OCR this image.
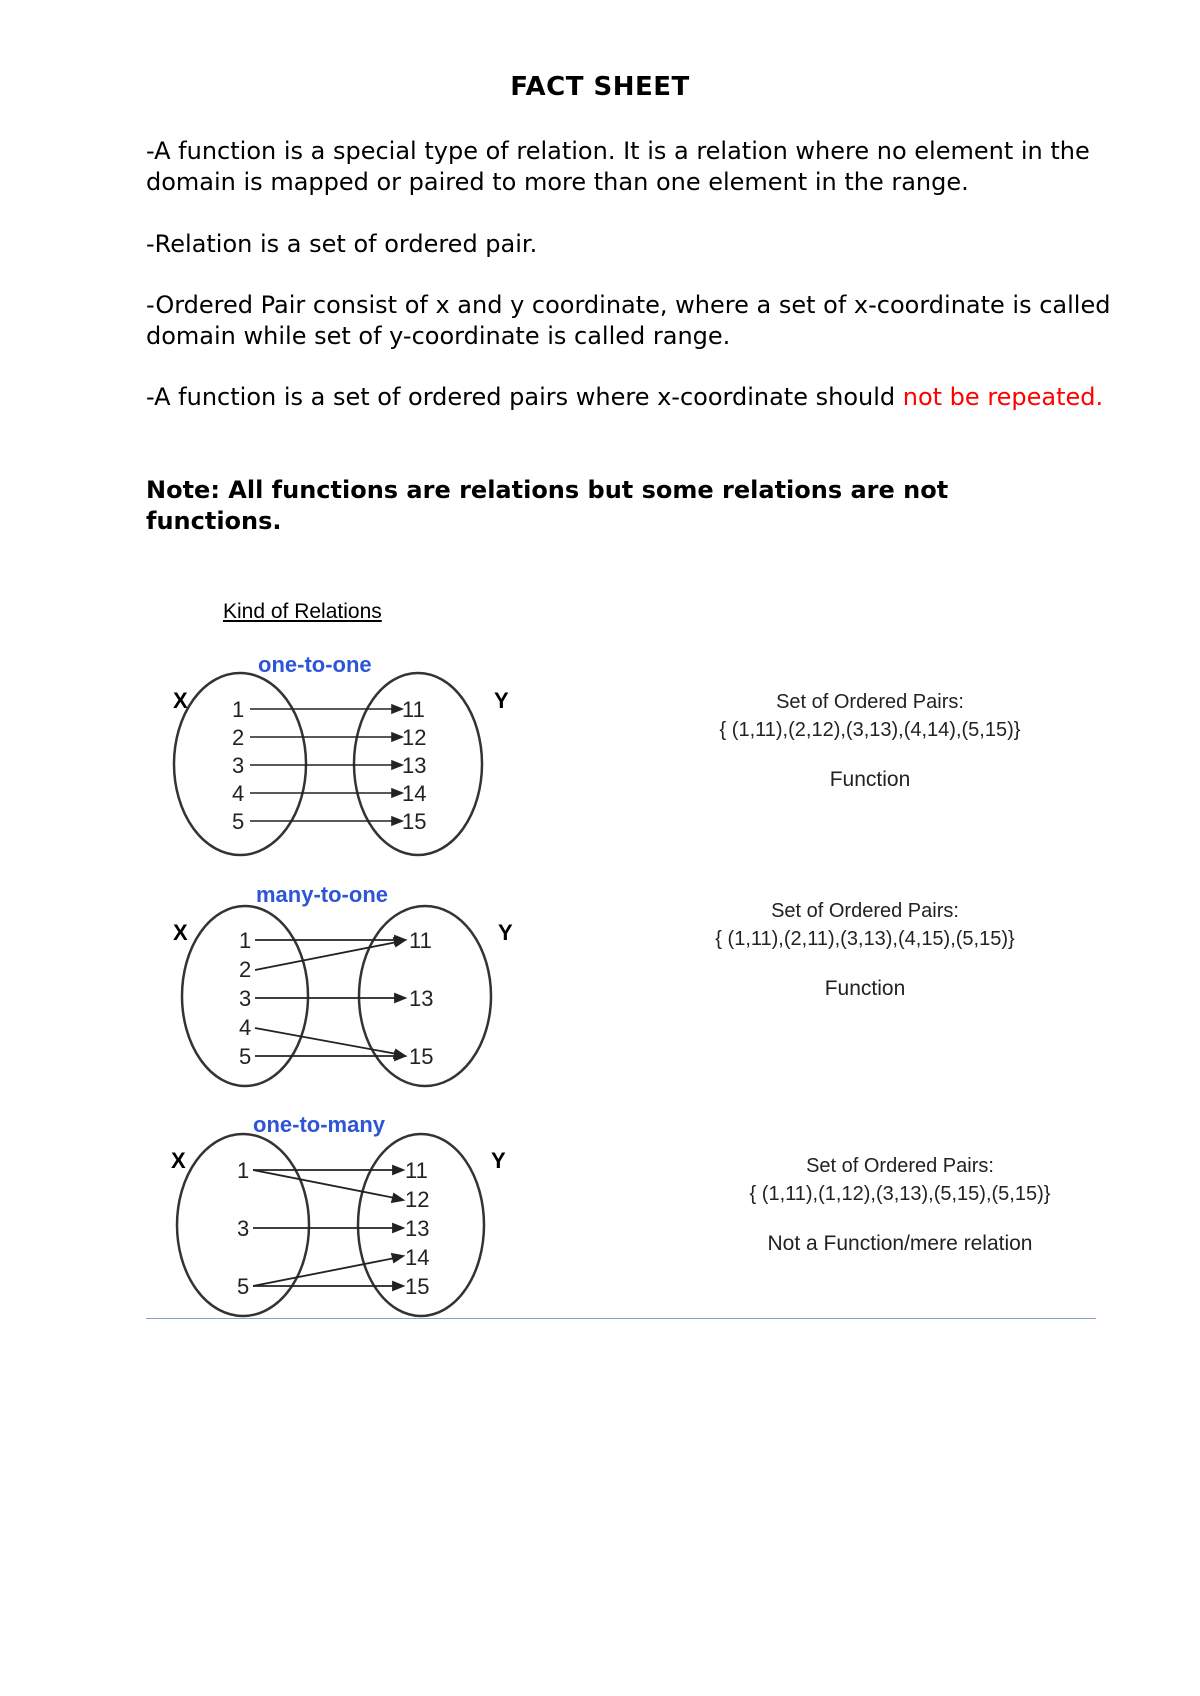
FACT SHEET

-A function is a special type of relation. It is a relation where no element in the domain is mapped or paired to more than one element in the range.

-Relation is a set of ordered pair.

-Ordered Pair consist of x and y coordinate, where a set of x-coordinate is called domain while set of y-coordinate is called range.

-A function is a set of ordered pairs where x-coordinate should not be repeated.

Note: All functions are relations but some relations are not functions.

Kind of Relations
one-to-one
X	Y
1
2
3
4
5
11
12
13
14
15
Set of Ordered Pairs:
{ (1,11),(2,12),(3,13),(4,14),(5,15)}
Function
many-to-one
X	Y
1
2
3
4
5
11
13
15
Set of Ordered Pairs:
{ (1,11),(2,11),(3,13),(4,15),(5,15)}
Function
one-to-many
X	Y
1
3
5
11
12
13
14
15
Set of Ordered Pairs:
{ (1,11),(1,12),(3,13),(5,15),(5,15)}
Not a Function/mere relation
